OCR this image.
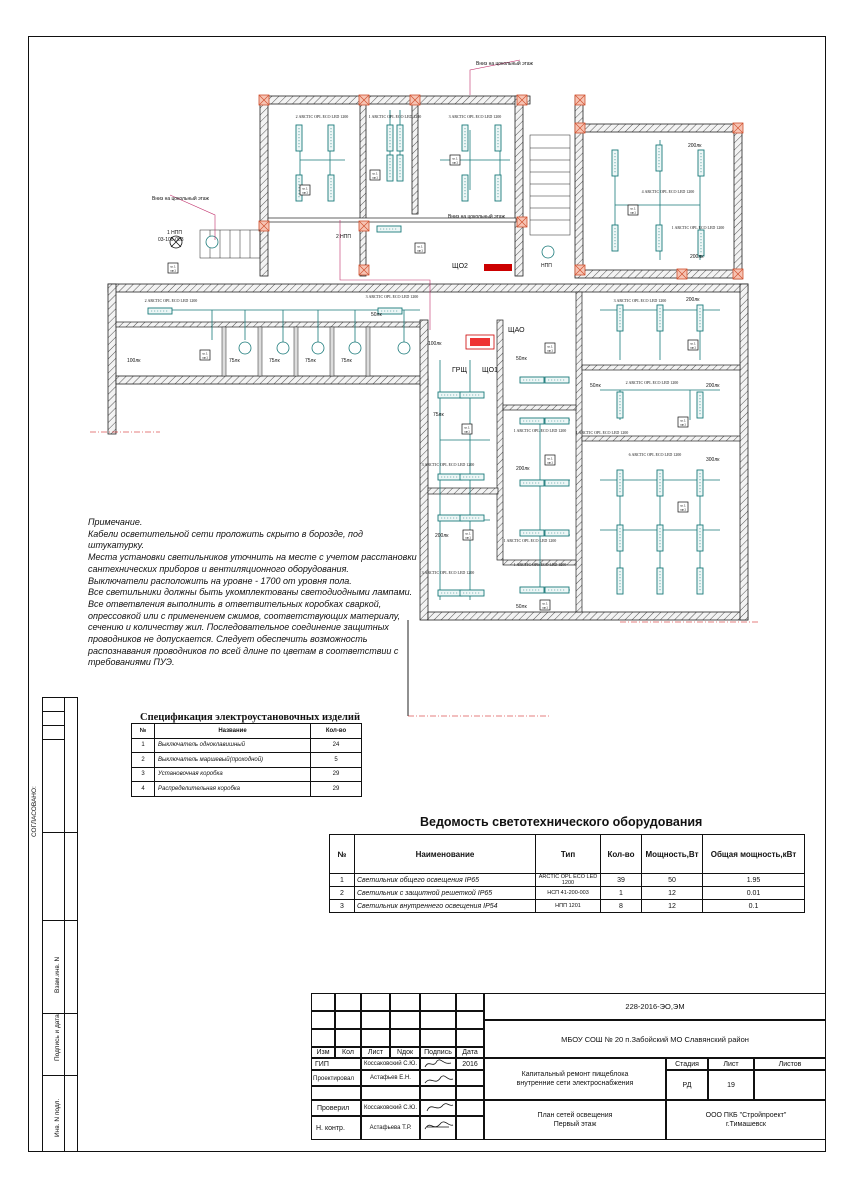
гр.1
шр1
Вниз на цокольный этаж
Вниз на цокольный этаж
Вниз на цокольный этаж
ЩО2
ЩАО
ГРЩ ЩО1
НПП
1 НПП
03-100-003	2 НПП
50лк
50лк
50лк
50лк
75лк	75лк	75лк	75лк
75лк
100лк
100лк
200лк
200лк
200лк
200лк
200лк
200лк
300лк
2 ARCTIC OPL ECO LED 1200	1 ARCTIC OPL ECO LED 1200	3 ARCTIC OPL ECO LED 1200
4 ARCTIC OPL ECO LED 1200
2 ARCTIC OPL ECO LED 1200
3 ARCTIC OPL ECO LED 1200
3 ARCTIC OPL ECO LED 1200
2 ARCTIC OPL ECO LED 1200
1 ARCTIC OPL ECO LED 1200
6 ARCTIC OPL ECO LED 1200
3 ARCTIC OPL ECO LED 1200
1 ARCTIC OPL ECO LED 1200
1 ARCTIC OPL ECO LED 1200
3 ARCTIC OPL ECO LED 1200
1 ARCTIC OPL ECO LED 1200
1 ARCTIC OPL ECO LED 1200

Примечание.

Кабели осветительной сети проложить скрыто в борозде, под штукатурку.

Места установки светильников уточнить на месте с учетом расстановки сантехнических приборов и вентиляционного оборудования.

Выключатели расположить на уровне - 1700 от уровня пола.

Все светильники должны быть укомплектованы светодиодными лампами.

Все ответвления выполнить в ответвительных коробках сваркой, опрессовкой или с применением сжимов, соответствующих материалу, сечению и количеству жил. Последовательное соединение защитных проводников не допускается. Следует обеспечить возможность распознавания проводников по всей длине по цветам в соответствии с требованиями ПУЭ.

Спецификация электроустановочных изделий
№	Название	Кол-во
1	Выключатель одноклавишный	24
2	Выключатель маршевый(проходной)	5
3	Установочная коробка	29
4	Распределительная коробка	29
Ведомость светотехнического оборудования
№	Наименование	Тип	Кол-во	Мощность,Вт	Общая мощность,кВт
1	Светильник общего освещения IP65	ARCTIC OPL ECO LED 1200	39	50	1.95
2	Светильник с защитной решеткой IP65	НСП 41-200-003	1	12	0.01
3	Светильник внутреннего освещения IP54	НПП 1201	8	12	0.1
СОГЛАСОВАНО:
Взам.инв. N
Подпись и дата
Инв. N подл.
Изм	Кол	Лист	Nдок	Подпись	Дата
ГИП	Коссаковский С.Ю.	2016
Проектировал	Астафьев Е.Н.
Проверил	Коссаковский С.Ю.
Н. контр.	Астафьева Т.Р.
228-2016-ЭО,ЭМ
МБОУ СОШ № 20 п.Забойский МО Славянский район
Капитальный ремонт пищеблока внутренние сети электроснабжения
Стадия	Лист	Листов
РД	19
План сетей освещения Первый этаж
ООО ПКБ "Стройпроект" г.Тимашевск
